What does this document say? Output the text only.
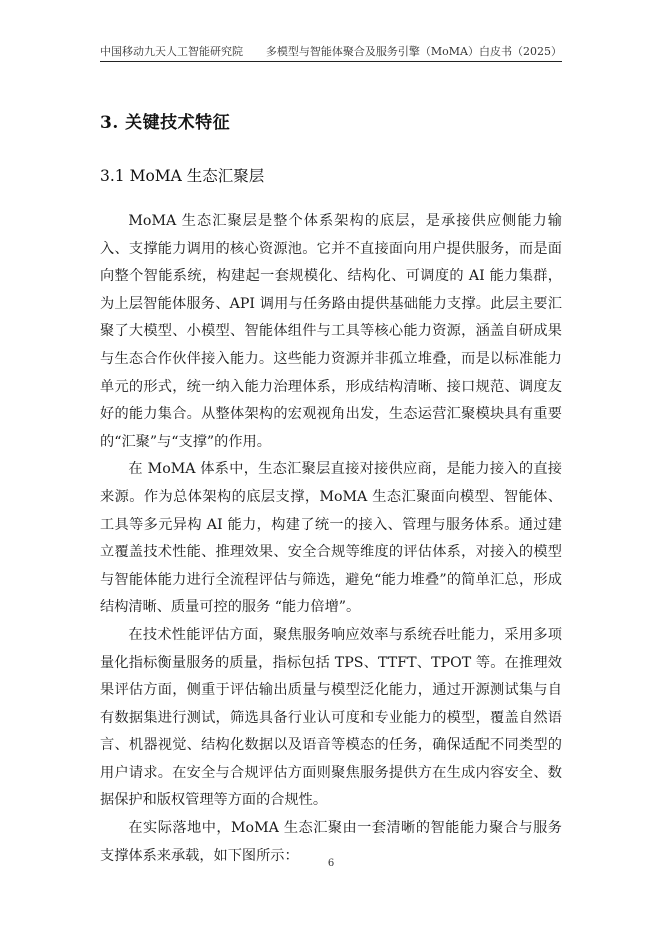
中国移动九天人工智能研究院 多模型与智能体聚合及服务引擎（MoMA）白皮书（2025）
3. 关键技术特征
3.1 MoMA 生态汇聚层

MoMA 生态汇聚层是整个体系架构的底层，是承接供应侧能力输入、支撑能力调用的核心资源池。它并不直接面向用户提供服务，而是面向整个智能系统，构建起一套规模化、结构化、可调度的 AI 能力集群，为上层智能体服务、API 调用与任务路由提供基础能力支撑。此层主要汇聚了大模型、小模型、智能体组件与工具等核心能力资源，涵盖自研成果与生态合作伙伴接入能力。这些能力资源并非孤立堆叠，而是以标准能力单元的形式，统一纳入能力治理体系，形成结构清晰、接口规范、调度友好的能力集合。从整体架构的宏观视角出发，生态运营汇聚模块具有重要的“汇聚”与“支撑”的作用。

在 MoMA 体系中，生态汇聚层直接对接供应商，是能力接入的直接来源。作为总体架构的底层支撑，MoMA 生态汇聚面向模型、智能体、工具等多元异构 AI 能力，构建了统一的接入、管理与服务体系。通过建立覆盖技术性能、推理效果、安全合规等维度的评估体系，对接入的模型与智能体能力进行全流程评估与筛选，避免“能力堆叠”的简单汇总，形成结构清晰、质量可控的服务 “能力倍增”。

在技术性能评估方面，聚焦服务响应效率与系统吞吐能力，采用多项量化指标衡量服务的质量，指标包括 TPS、TTFT、TPOT 等。在推理效果评估方面，侧重于评估输出质量与模型泛化能力，通过开源测试集与自有数据集进行测试，筛选具备行业认可度和专业能力的模型，覆盖自然语言、机器视觉、结构化数据以及语音等模态的任务，确保适配不同类型的用户请求。在安全与合规评估方面则聚焦服务提供方在生成内容安全、数据保护和版权管理等方面的合规性。

在实际落地中，MoMA 生态汇聚由一套清晰的智能能力聚合与服务支撑体系来承载，如下图所示：	6
